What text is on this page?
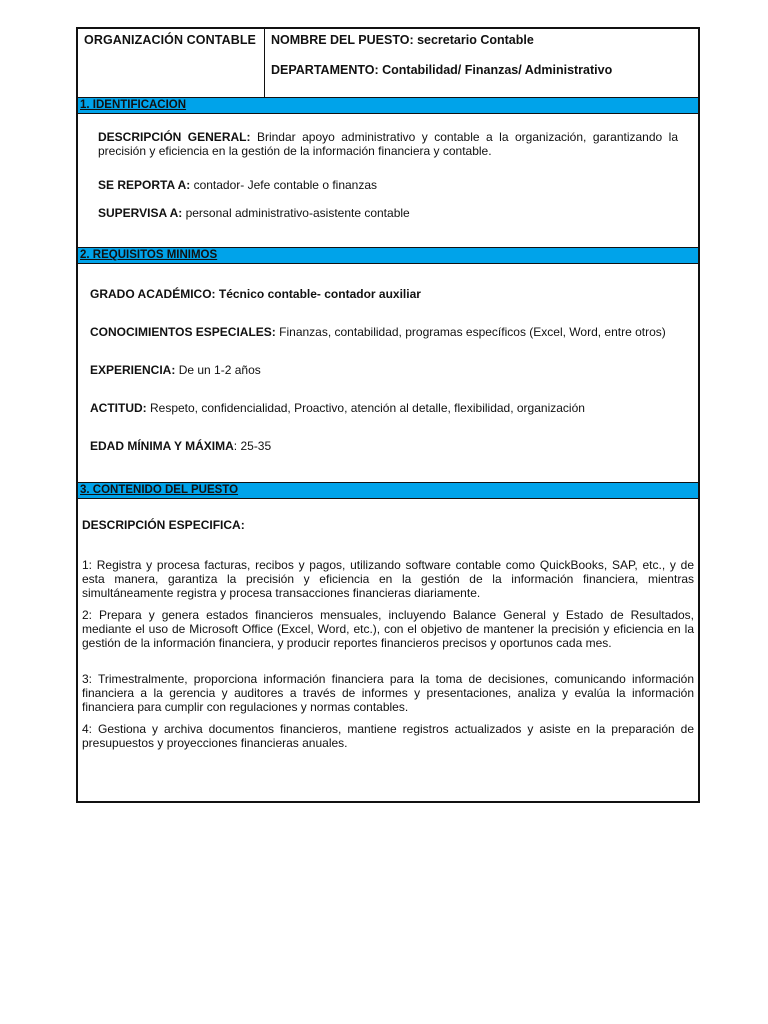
ORGANIZACIÓN CONTABLE	NOMBRE DEL PUESTO: secretario Contable
DEPARTAMENTO: Contabilidad/ Finanzas/ Administrativo
1. IDENTIFICACION

DESCRIPCIÓN GENERAL: Brindar apoyo administrativo y contable a la organización, garantizando la precisión y eficiencia en la gestión de la información financiera y contable.

SE REPORTA A: contador- Jefe contable o finanzas

SUPERVISA A: personal administrativo-asistente contable

2. REQUISITOS MINIMOS

GRADO ACADÉMICO: Técnico contable- contador auxiliar

CONOCIMIENTOS ESPECIALES: Finanzas, contabilidad, programas específicos (Excel, Word, entre otros)

EXPERIENCIA: De un 1-2 años

ACTITUD: Respeto, confidencialidad, Proactivo, atención al detalle, flexibilidad, organización

EDAD MÍNIMA Y MÁXIMA: 25-35

3. CONTENIDO DEL PUESTO

DESCRIPCIÓN ESPECIFICA:

1: Registra y procesa facturas, recibos y pagos, utilizando software contable como QuickBooks, SAP, etc., y de esta manera, garantiza la precisión y eficiencia en la gestión de la información financiera, mientras simultáneamente registra y procesa transacciones financieras diariamente.

2: Prepara y genera estados financieros mensuales, incluyendo Balance General y Estado de Resultados, mediante el uso de Microsoft Office (Excel, Word, etc.), con el objetivo de mantener la precisión y eficiencia en la gestión de la información financiera, y producir reportes financieros precisos y oportunos cada mes.

3: Trimestralmente, proporciona información financiera para la toma de decisiones, comunicando información financiera a la gerencia y auditores a través de informes y presentaciones, analiza y evalúa la información financiera para cumplir con regulaciones y normas contables.

4: Gestiona y archiva documentos financieros, mantiene registros actualizados y asiste en la preparación de presupuestos y proyecciones financieras anuales.
